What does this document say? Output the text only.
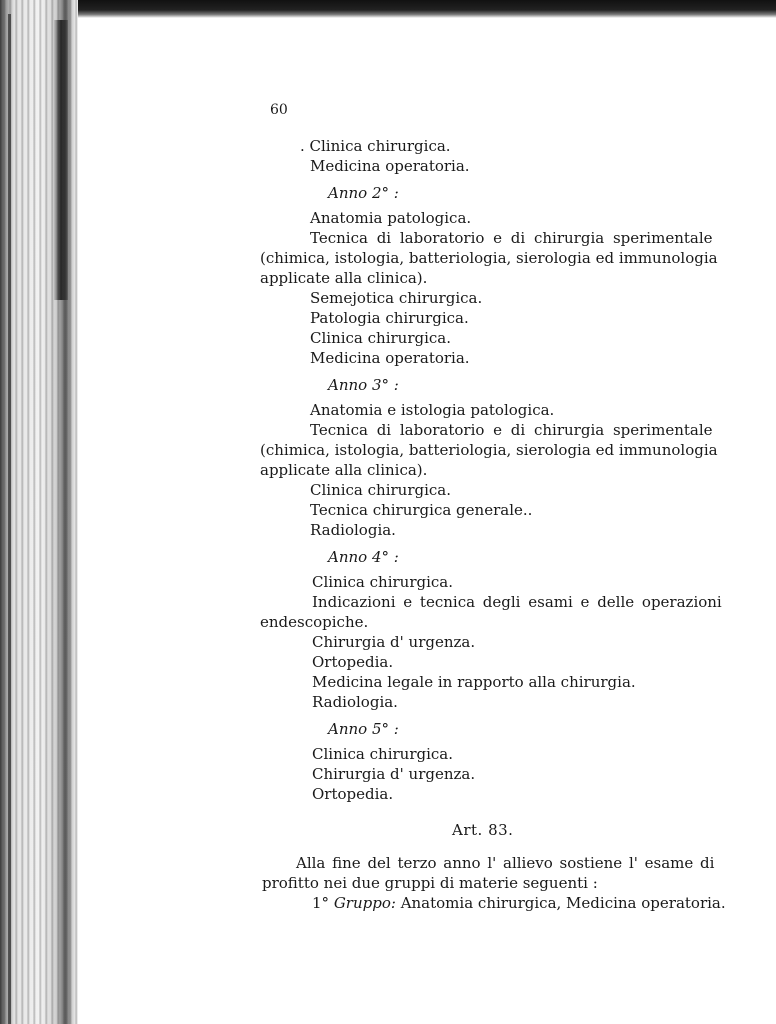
60

. Clinica chirurgica.

Medicina operatoria.

Anno 2° :

Anatomia patologica.

Tecnica di laboratorio e di chirurgia sperimentale

(chimica, istologia, batteriologia, sierologia ed immunologia

applicate alla clinica).

Semejotica chirurgica.

Patologia chirurgica.

Clinica chirurgica.

Medicina operatoria.

Anno 3° :

Anatomia e istologia patologica.

Tecnica di laboratorio e di chirurgia sperimentale

(chimica, istologia, batteriologia, sierologia ed immunologia

applicate alla clinica).

Clinica chirurgica.

Tecnica chirurgica generale..

Radiologia.

Anno 4° :

Clinica chirurgica.

Indicazioni e tecnica degli esami e delle operazioni

endescopiche.

Chirurgia d' urgenza.

Ortopedia.

Medicina legale in rapporto alla chirurgia.

Radiologia.

Anno 5° :

Clinica chirurgica.

Chirurgia d' urgenza.

Ortopedia.

Art. 83.

Alla fine del terzo anno l' allievo sostiene l' esame di

profitto nei due gruppi di materie seguenti :

1° Gruppo: Anatomia chirurgica, Medicina operatoria.
